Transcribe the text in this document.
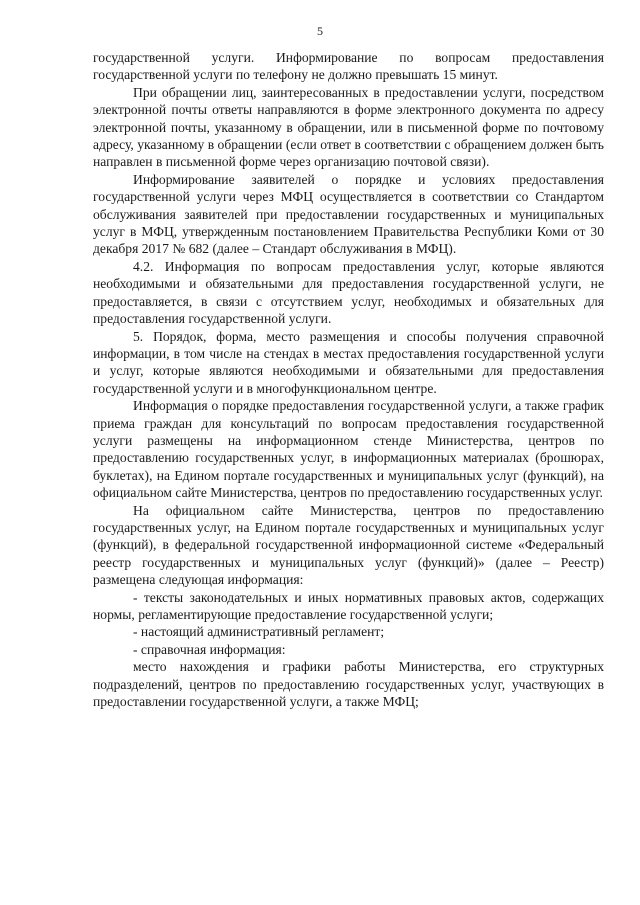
5

государственной услуги. Информирование по вопросам предоставления государственной услуги по телефону не должно превышать 15 минут.

При обращении лиц, заинтересованных в предоставлении услуги, посредством электронной почты ответы направляются в форме электронного документа по адресу электронной почты, указанному в обращении, или в письменной форме по почтовому адресу, указанному в обращении (если ответ в соответствии с обращением должен быть направлен в письменной форме через организацию почтовой связи).

Информирование заявителей о порядке и условиях предоставления государственной услуги через МФЦ осуществляется в соответствии со Стандартом обслуживания заявителей при предоставлении государственных и муниципальных услуг в МФЦ, утвержденным постановлением Правительства Республики Коми от 30 декабря 2017 № 682 (далее – Стандарт обслуживания в МФЦ).

4.2. Информация по вопросам предоставления услуг, которые являются необходимыми и обязательными для предоставления государственной услуги, не предоставляется, в связи с отсутствием услуг, необходимых и обязательных для предоставления государственной услуги.

5. Порядок, форма, место размещения и способы получения справочной информации, в том числе на стендах в местах предоставления государственной услуги и услуг, которые являются необходимыми и обязательными для предоставления государственной услуги и в многофункциональном центре.

Информация о порядке предоставления государственной услуги, а также график приема граждан для консультаций по вопросам предоставления государственной услуги размещены на информационном стенде Министерства, центров по предоставлению государственных услуг, в информационных материалах (брошюрах, буклетах), на Едином портале государственных и муниципальных услуг (функций), на официальном сайте Министерства, центров по предоставлению государственных услуг.

На официальном сайте Министерства, центров по предоставлению государственных услуг, на Едином портале государственных и муниципальных услуг (функций), в федеральной государственной информационной системе «Федеральный реестр государственных и муниципальных услуг (функций)» (далее – Реестр) размещена следующая информация:

- тексты законодательных и иных нормативных правовых актов, содержащих нормы, регламентирующие предоставление государственной услуги;

- настоящий административный регламент;

- справочная информация:

место нахождения и графики работы Министерства, его структурных подразделений, центров по предоставлению государственных услуг, участвующих в предоставлении государственной услуги, а также МФЦ;
